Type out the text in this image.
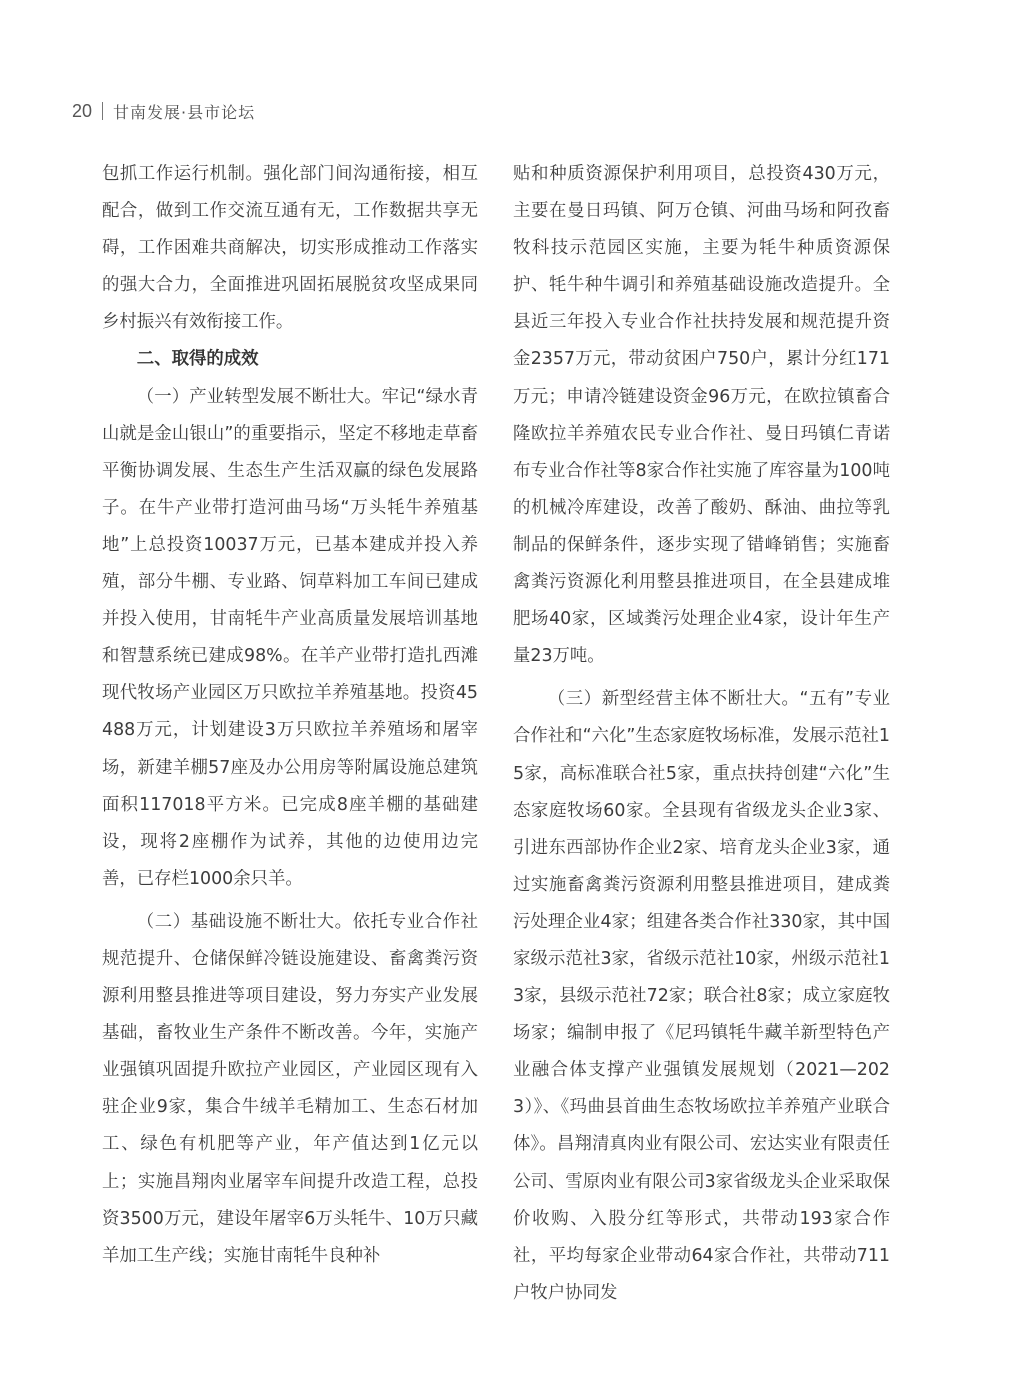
20 甘南发展·县市论坛

包抓工作运行机制。强化部门间沟通衔接，相互配合，做到工作交流互通有无，工作数据共享无碍，工作困难共商解决，切实形成推动工作落实的强大合力，全面推进巩固拓展脱贫攻坚成果同乡村振兴有效衔接工作。

二、取得的成效

（一）产业转型发展不断壮大。牢记“绿水青山就是金山银山”的重要指示，坚定不移地走草畜平衡协调发展、生态生产生活双赢的绿色发展路子。在牛产业带打造河曲马场“万头牦牛养殖基地”上总投资10037万元，已基本建成并投入养殖，部分牛棚、专业路、饲草料加工车间已建成并投入使用，甘南牦牛产业高质量发展培训基地和智慧系统已建成98%。在羊产业带打造扎西滩现代牧场产业园区万只欧拉羊养殖基地。投资45488万元，计划建设3万只欧拉羊养殖场和屠宰场，新建羊棚57座及办公用房等附属设施总建筑面积117018平方米。已完成8座羊棚的基础建设，现将2座棚作为试养，其他的边使用边完善，已存栏1000余只羊。

（二）基础设施不断壮大。依托专业合作社规范提升、仓储保鲜冷链设施建设、畜禽粪污资源利用整县推进等项目建设，努力夯实产业发展基础，畜牧业生产条件不断改善。今年，实施产业强镇巩固提升欧拉产业园区，产业园区现有入驻企业9家，集合牛绒羊毛精加工、生态石材加工、绿色有机肥等产业，年产值达到1亿元以上；实施昌翔肉业屠宰车间提升改造工程，总投资3500万元，建设年屠宰6万头牦牛、10万只藏羊加工生产线；实施甘南牦牛良种补

贴和种质资源保护利用项目，总投资430万元，主要在曼日玛镇、阿万仓镇、河曲马场和阿孜畜牧科技示范园区实施，主要为牦牛种质资源保护、牦牛种牛调引和养殖基础设施改造提升。全县近三年投入专业合作社扶持发展和规范提升资金2357万元，带动贫困户750户，累计分红171万元；申请冷链建设资金96万元，在欧拉镇畜合隆欧拉羊养殖农民专业合作社、曼日玛镇仁青诺布专业合作社等8家合作社实施了库容量为100吨的机械冷库建设，改善了酸奶、酥油、曲拉等乳制品的保鲜条件，逐步实现了错峰销售；实施畜禽粪污资源化利用整县推进项目，在全县建成堆肥场40家，区域粪污处理企业4家，设计年生产量23万吨。

（三）新型经营主体不断壮大。“五有”专业合作社和“六化”生态家庭牧场标准，发展示范社15家，高标准联合社5家，重点扶持创建“六化”生态家庭牧场60家。全县现有省级龙头企业3家、引进东西部协作企业2家、培育龙头企业3家，通过实施畜禽粪污资源利用整县推进项目，建成粪污处理企业4家；组建各类合作社330家，其中国家级示范社3家，省级示范社10家，州级示范社13家，县级示范社72家；联合社8家；成立家庭牧场家；编制申报了《尼玛镇牦牛藏羊新型特色产业融合体支撑产业强镇发展规划（2021—2023）》、《玛曲县首曲生态牧场欧拉羊养殖产业联合体》。昌翔清真肉业有限公司、宏达实业有限责任公司、雪原肉业有限公司3家省级龙头企业采取保价收购、入股分红等形式，共带动193家合作社，平均每家企业带动64家合作社，共带动711户牧户协同发
